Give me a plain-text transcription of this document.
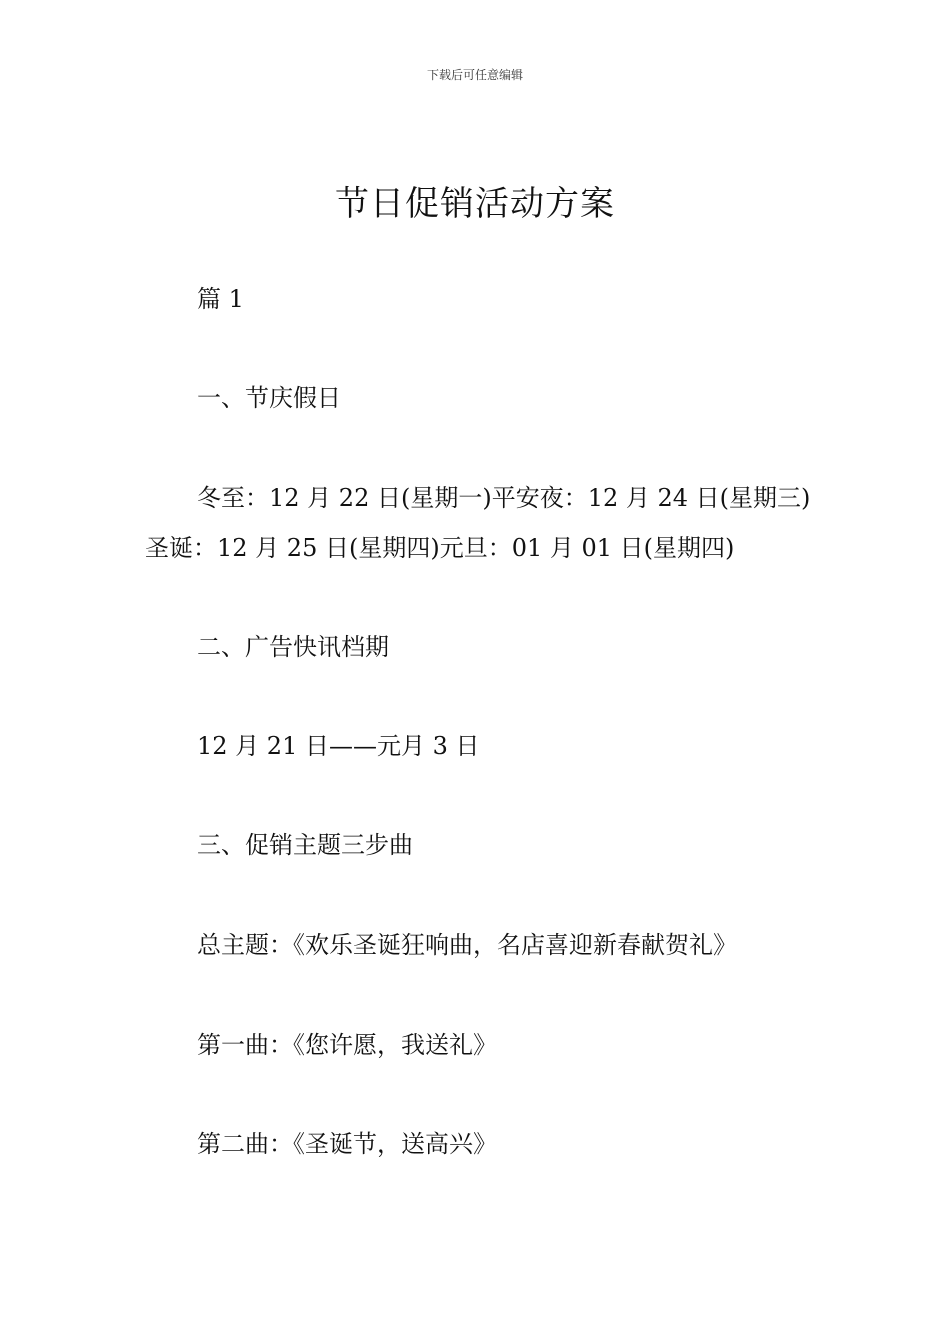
下载后可任意编辑
节日促销活动方案

篇 1

一、节庆假日

冬至：12 月 22 日(星期一)平安夜：12 月 24 日(星期三)圣诞：12 月 25 日(星期四)元旦：01 月 01 日(星期四)

二、广告快讯档期

12 月 21 日——元月 3 日

三、促销主题三步曲

总主题：《欢乐圣诞狂响曲，名店喜迎新春献贺礼》

第一曲：《您许愿，我送礼》

第二曲：《圣诞节，送高兴》
